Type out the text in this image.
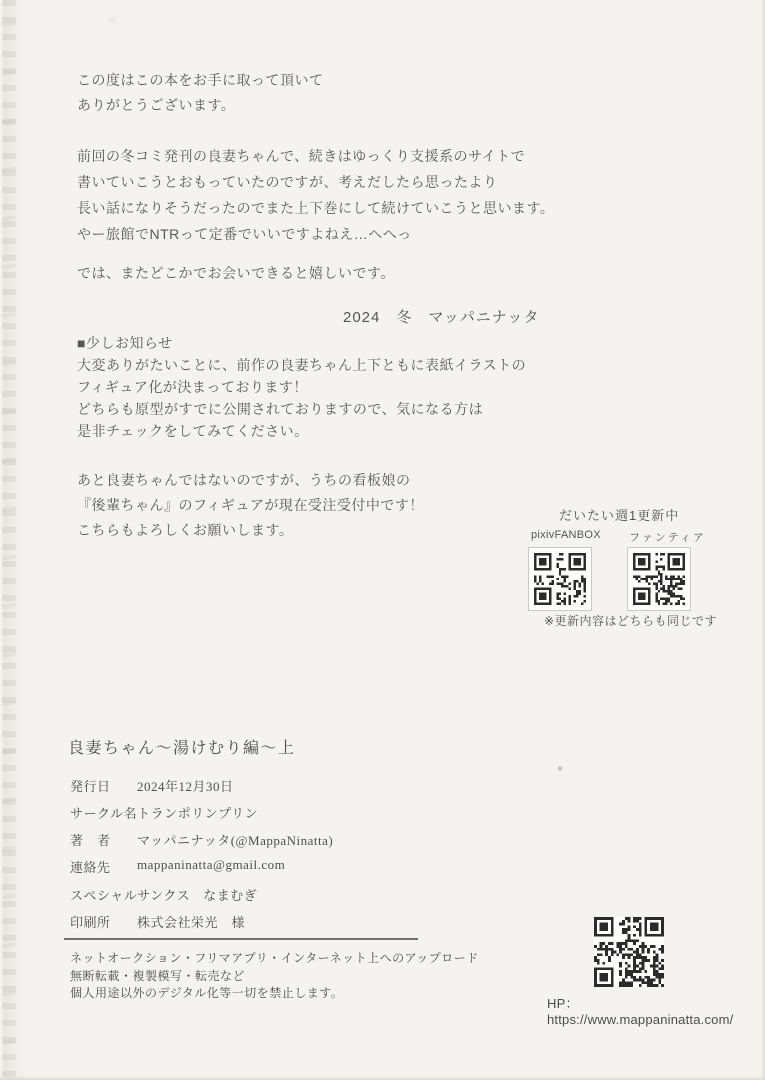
この度はこの本をお手に取って頂いて

ありがとうございます。

前回の冬コミ発刊の良妻ちゃんで、続きはゆっくり支援系のサイトで

書いていこうとおもっていたのですが、考えだしたら思ったより

長い話になりそうだったのでまた上下巻にして続けていこうと思います。

やー旅館でNTRって定番でいいですよねえ…へへっ

では、またどこかでお会いできると嬉しいです。

2024　冬　マッパニナッタ

■少しお知らせ

大変ありがたいことに、前作の良妻ちゃん上下ともに表紙イラストの

フィギュア化が決まっております！

どちらも原型がすでに公開されておりますので、気になる方は

是非チェックをしてみてください。

あと良妻ちゃんではないのですが、うちの看板娘の

『後輩ちゃん』のフィギュアが現在受注受付中です！

こちらもよろしくお願いします。

だいたい週1更新中
pixivFANBOX	ファンティア
※更新内容はどちらも同じです
良妻ちゃん～湯けむり編～上
発行日	2024年12月30日
サークル名 トランポリンプリン
著　者	マッパニナッタ(@MappaNinatta)
連絡先	mappaninatta@gmail.com
スペシャルサンクス なまむぎ
印刷所	株式会社栄光　様

ネットオークション・フリマアプリ・インターネット上へのアップロード

無断転載・複製模写・転売など

個人用途以外のデジタル化等一切を禁止します。

HP：https://www.mappaninatta.com/
